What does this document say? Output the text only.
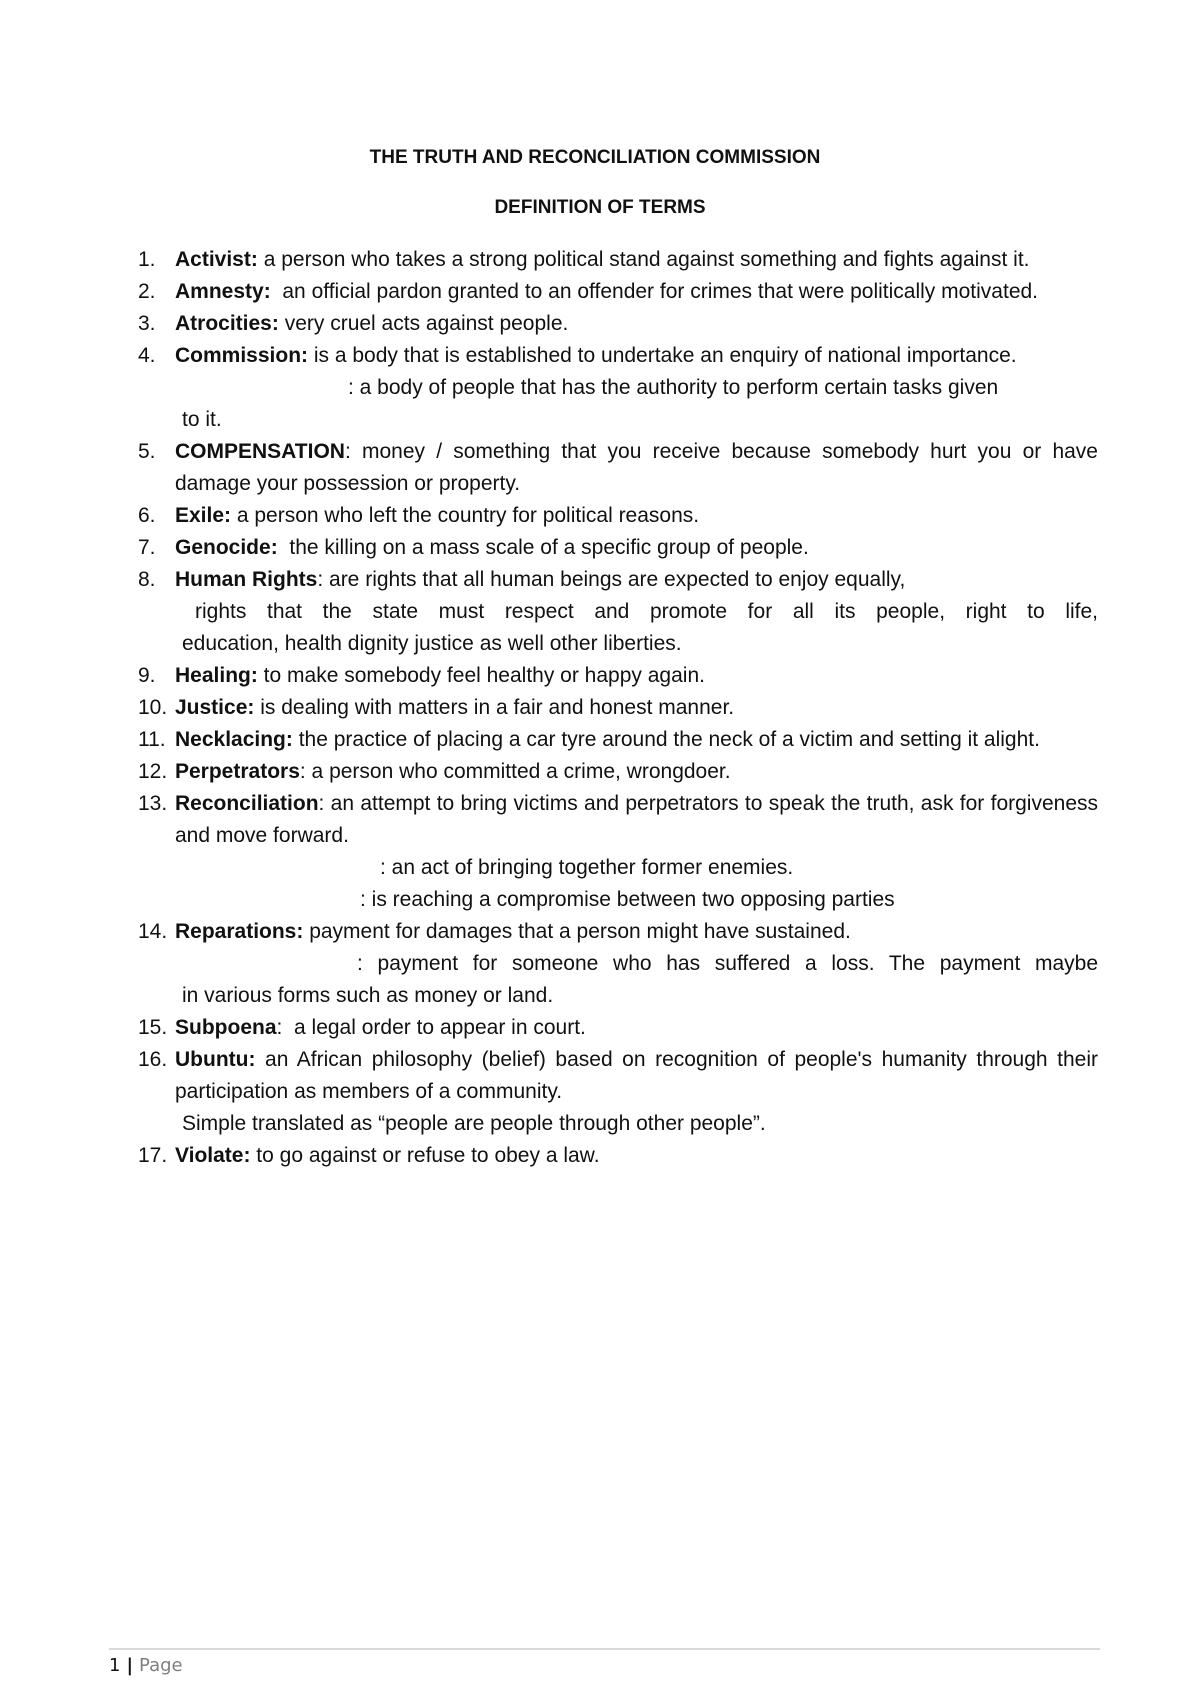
THE TRUTH AND RECONCILIATION COMMISSION
DEFINITION OF TERMS
1. Activist: a person who takes a strong political stand against something and fights against it.
2. Amnesty:  an official pardon granted to an offender for crimes that were politically motivated.
3. Atrocities: very cruel acts against people.
4. Commission: is a body that is established to undertake an enquiry of national importance.
: a body of people that has the authority to perform certain tasks given
to it.
5. COMPENSATION: money / something that you receive because somebody hurt you or have damage your possession or property.
6. Exile: a person who left the country for political reasons.
7. Genocide:  the killing on a mass scale of a specific group of people.
8. Human Rights: are rights that all human beings are expected to enjoy equally,
rights that the state must respect and promote for all its people, right to life,
education, health dignity justice as well other liberties.
9. Healing: to make somebody feel healthy or happy again.
10. Justice: is dealing with matters in a fair and honest manner.
11. Necklacing: the practice of placing a car tyre around the neck of a victim and setting it alight.
12. Perpetrators: a person who committed a crime, wrongdoer.
13. Reconciliation: an attempt to bring victims and perpetrators to speak the truth, ask for forgiveness and move forward.
: an act of bringing together former enemies.
: is reaching a compromise between two opposing parties
14. Reparations: payment for damages that a person might have sustained.
: payment for someone who has suffered a loss. The payment maybe
in various forms such as money or land.
15. Subpoena:  a legal order to appear in court.
16. Ubuntu: an African philosophy (belief) based on recognition of people's humanity through their participation as members of a community.
Simple translated as “people are people through other people”.
17. Violate: to go against or refuse to obey a law.
1 | Page
